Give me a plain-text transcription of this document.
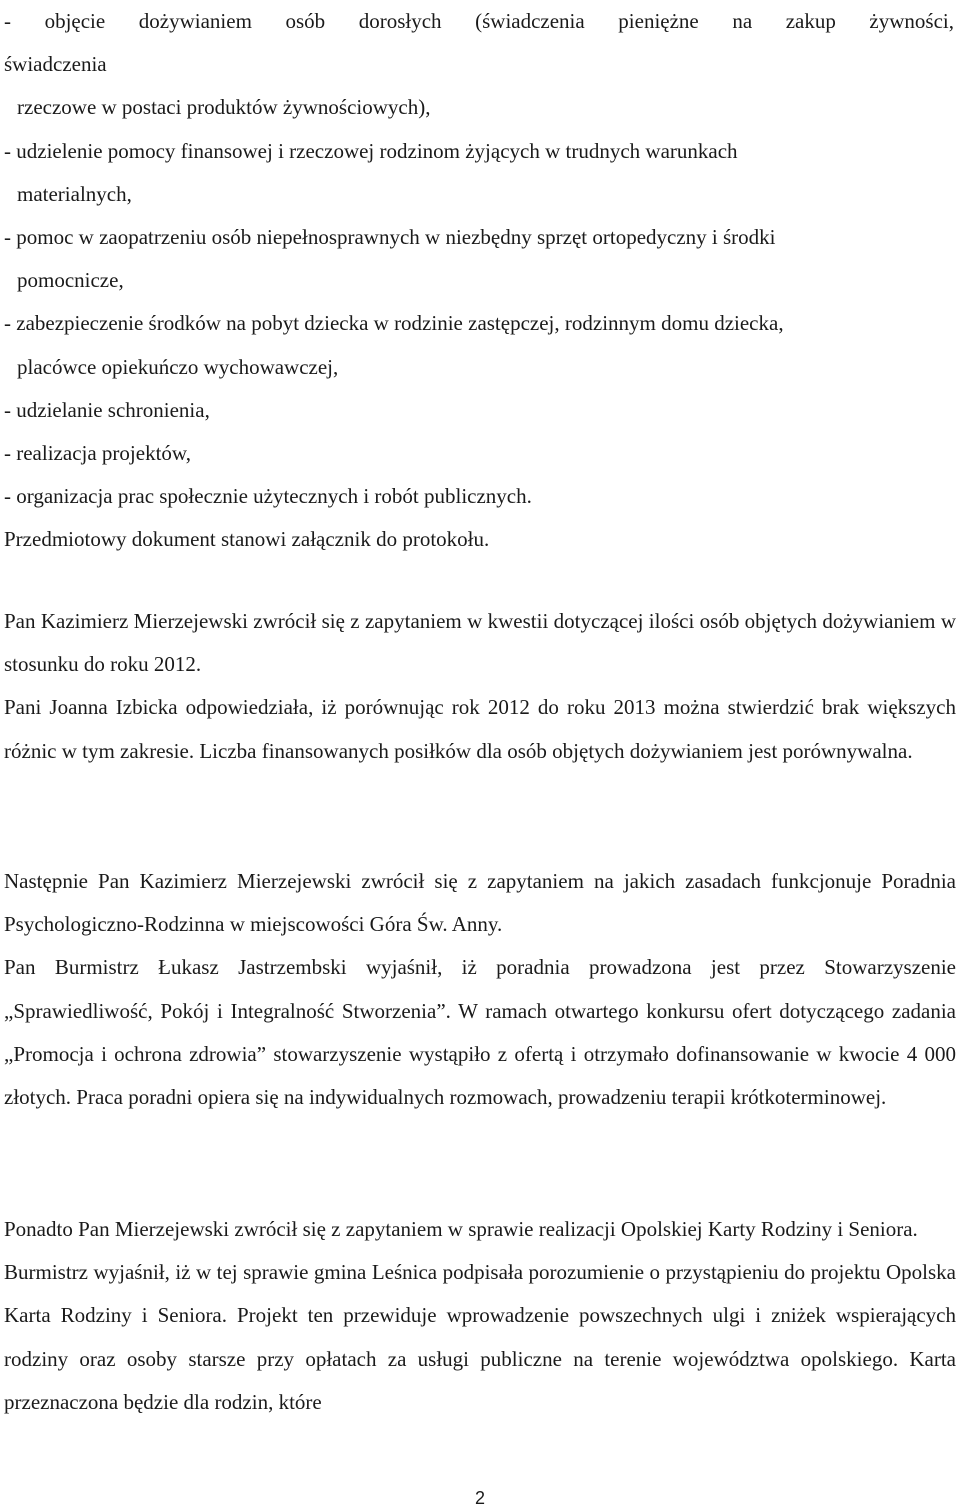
- objęcie dożywianiem osób dorosłych (świadczenia pieniężne na zakup żywności,
świadczenia
rzeczowe w postaci produktów żywnościowych),
- udzielenie pomocy finansowej i rzeczowej rodzinom żyjących w trudnych warunkach
materialnych,
- pomoc w zaopatrzeniu osób niepełnosprawnych w niezbędny sprzęt ortopedyczny i środki
pomocnicze,
- zabezpieczenie środków na pobyt dziecka w rodzinie zastępczej, rodzinnym domu dziecka,
placówce opiekuńczo wychowawczej,
- udzielanie schronienia,
- realizacja projektów,
- organizacja prac społecznie użytecznych i robót publicznych.
Przedmiotowy dokument stanowi załącznik do protokołu.

Pan Kazimierz Mierzejewski zwrócił się z zapytaniem w kwestii dotyczącej ilości osób objętych dożywianiem w stosunku do roku 2012.

Pani Joanna Izbicka odpowiedziała, iż porównując rok 2012 do roku 2013 można stwierdzić brak większych różnic w tym zakresie. Liczba finansowanych posiłków dla osób objętych dożywianiem jest porównywalna.

Następnie Pan Kazimierz Mierzejewski zwrócił się z zapytaniem na jakich zasadach funkcjonuje Poradnia Psychologiczno-Rodzinna w miejscowości Góra Św. Anny.

Pan Burmistrz Łukasz Jastrzembski wyjaśnił, iż poradnia prowadzona jest przez Stowarzyszenie „Sprawiedliwość, Pokój i Integralność Stworzenia”. W ramach otwartego konkursu ofert dotyczącego zadania „Promocja i ochrona zdrowia” stowarzyszenie wystąpiło z ofertą i otrzymało dofinansowanie w kwocie 4 000 złotych. Praca poradni opiera się na indywidualnych rozmowach, prowadzeniu terapii krótkoterminowej.

Ponadto Pan Mierzejewski zwrócił się z zapytaniem w sprawie realizacji Opolskiej Karty Rodziny i Seniora.

Burmistrz wyjaśnił, iż w tej sprawie gmina Leśnica podpisała porozumienie o przystąpieniu do projektu Opolska Karta Rodziny i Seniora. Projekt ten przewiduje wprowadzenie powszechnych ulgi i zniżek wspierających rodziny oraz osoby starsze przy opłatach za usługi publiczne na terenie województwa opolskiego. Karta przeznaczona będzie dla rodzin, które

2
